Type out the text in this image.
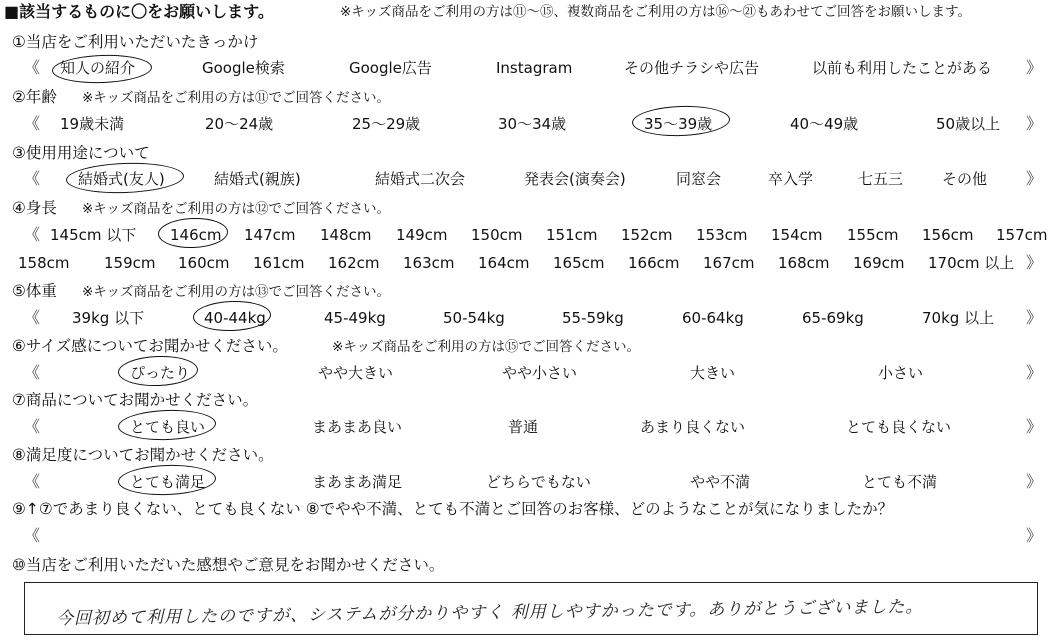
■該当するものに〇をお願いします。	※キッズ商品をご利用の方は⑪〜⑮、複数商品をご利用の方は⑯〜㉑もあわせてご回答をお願いします。
①当店をご利用いただいたきっかけ
《 知人の紹介	Google検索	Google広告	Instagram	その他チラシや広告	以前も利用したことがある 》
②年齢 ※キッズ商品をご利用の方は⑪でご回答ください。
《 19歳未満	20〜24歳	25〜29歳	30〜34歳	35〜39歳	40〜49歳	50歳以上 》
③使用用途について
《	結婚式(友人)	結婚式(親族)	結婚式二次会	発表会(演奏会)	同窓会	卒入学	七五三	その他 》
④身長 ※キッズ商品をご利用の方は⑫でご回答ください。
《 145cm 以下 146cm 147cm 148cm 149cm 150cm 151cm 152cm 153cm 154cm 155cm 156cm 157cm
158cm 159cm 160cm 161cm 162cm 163cm 164cm 165cm 166cm 167cm 168cm 169cm 170cm 以上 》
⑤体重 ※キッズ商品をご利用の方は⑬でご回答ください。
《 39kg 以下	40-44kg	45-49kg	50-54kg	55-59kg	60-64kg	65-69kg	70kg 以上 》
⑥サイズ感についてお聞かせください。	※キッズ商品をご利用の方は⑮でご回答ください。
《	ぴったり	やや大きい	やや小さい	大きい	小さい	》
⑦商品についてお聞かせください。
《	とても良い	まあまあ良い	普通	あまり良くない	とても良くない	》
⑧満足度についてお聞かせください。
《	とても満足	まあまあ満足	どちらでもない	やや不満	とても不満	》
⑨↑⑦であまり良くない、とても良くない ⑧でやや不満、とても不満とご回答のお客様、どのようなことが気になりましたか？
《	》
⑩当店をご利用いただいた感想やご意見をお聞かせください。
今回初めて利用したのですが、システムが分かりやすく 利用しやすかったです。ありがとうございました。
